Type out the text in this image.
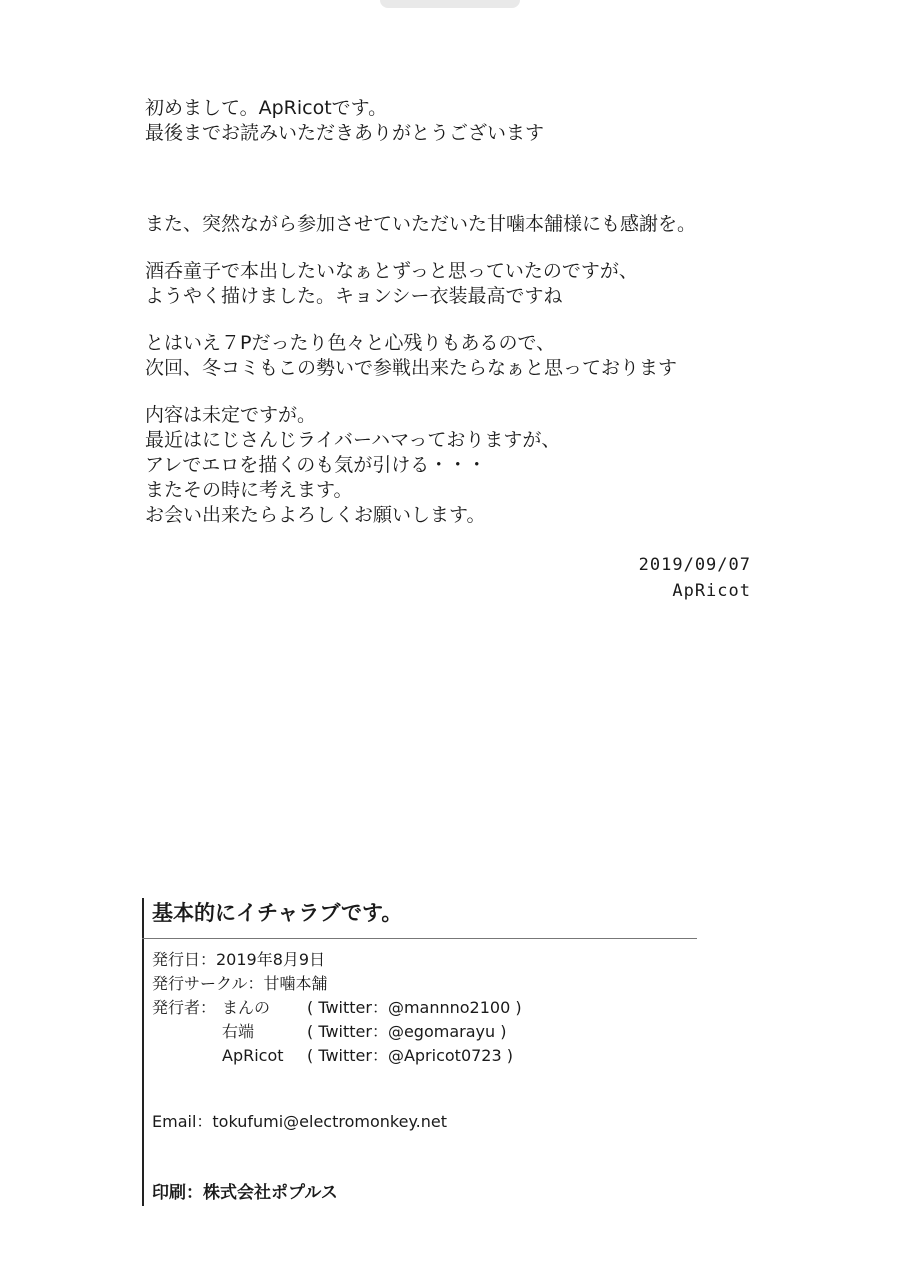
初めまして。ApRicotです。
最後までお読みいただきありがとうございます

また、突然ながら参加させていただいた甘噛本舗様にも感謝を。

酒呑童子で本出したいなぁとずっと思っていたのですが、
ようやく描けました。キョンシー衣装最高ですね

とはいえ７Pだったり色々と心残りもあるので、
次回、冬コミもこの勢いで参戦出来たらなぁと思っております

内容は未定ですが。
最近はにじさんじライバーハマっておりますが、
アレでエロを描くのも気が引ける・・・
またその時に考えます。
お会い出来たらよろしくお願いします。

2019/09/07
ApRicot
基本的にイチャラブです。
発行日：2019年8月9日
発行サークル：甘噛本舗
発行者： まんの	( Twitter：@mannno2100 )
右端	( Twitter：@egomarayu )
ApRicot	( Twitter：@Apricot0723 )
Email：tokufumi@electromonkey.net
印刷：株式会社ポプルス
